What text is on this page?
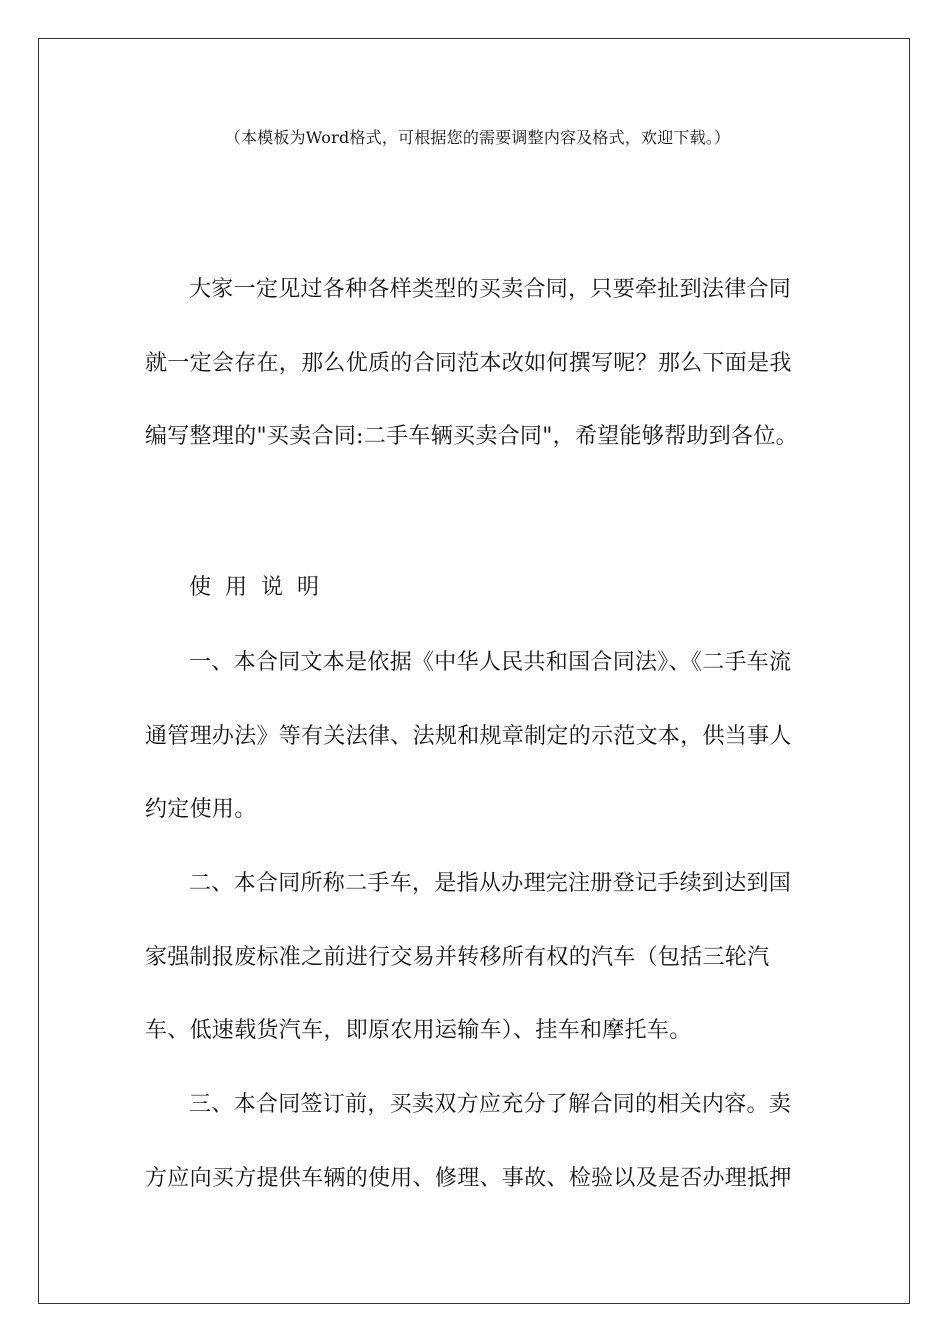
（本模板为Word格式，可根据您的需要调整内容及格式，欢迎下载。）

大家一定见过各种各样类型的买卖合同，只要牵扯到法律合同就一定会存在，那么优质的合同范本改如何撰写呢？那么下面是我编写整理的"买卖合同:二手车辆买卖合同"，希望能够帮助到各位。

使用说明

一、本合同文本是依据《中华人民共和国合同法》、《二手车流通管理办法》等有关法律、法规和规章制定的示范文本，供当事人约定使用。

二、本合同所称二手车，是指从办理完注册登记手续到达到国家强制报废标准之前进行交易并转移所有权的汽车（包括三轮汽车、低速载货汽车，即原农用运输车）、挂车和摩托车。

三、本合同签订前，买卖双方应充分了解合同的相关内容。卖方应向买方提供车辆的使用、修理、事故、检验以及是否办理抵押
